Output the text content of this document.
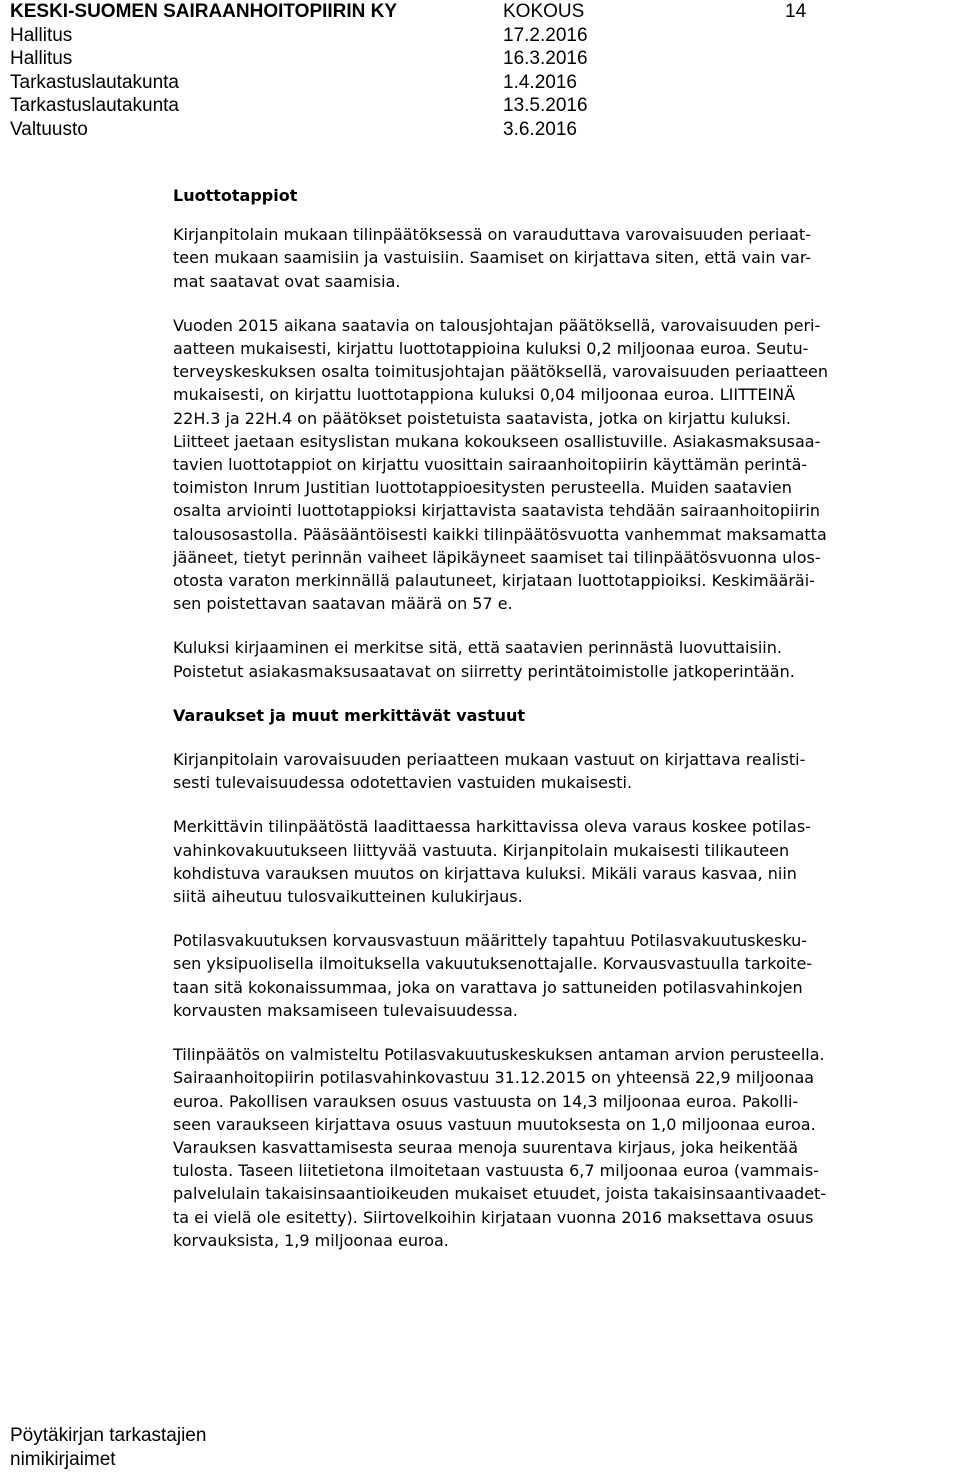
KESKI-SUOMEN SAIRAANHOITOPIIRIN KY	KOKOUS	14
Hallitus	17.2.2016
Hallitus	16.3.2016
Tarkastuslautakunta	1.4.2016
Tarkastuslautakunta	13.5.2016
Valtuusto	3.6.2016
Luottotappiot

Kirjanpitolain mukaan tilinpäätöksessä on varauduttava varovaisuuden periaat-
teen mukaan saamisiin ja vastuisiin. Saamiset on kirjattava siten, että vain var-
mat saatavat ovat saamisia.

Vuoden 2015 aikana saatavia on talousjohtajan päätöksellä, varovaisuuden peri-
aatteen mukaisesti, kirjattu luottotappioina kuluksi 0,2 miljoonaa euroa. Seutu-
terveyskeskuksen osalta toimitusjohtajan päätöksellä, varovaisuuden periaatteen
mukaisesti, on kirjattu luottotappiona kuluksi 0,04 miljoonaa euroa. LIITTEINÄ
22H.3 ja 22H.4 on päätökset poistetuista saatavista, jotka on kirjattu kuluksi.
Liitteet jaetaan esityslistan mukana kokoukseen osallistuville. Asiakasmaksusaa-
tavien luottotappiot on kirjattu vuosittain sairaanhoitopiirin käyttämän perintä-
toimiston Inrum Justitian luottotappioesitysten perusteella. Muiden saatavien
osalta arviointi luottotappioksi kirjattavista saatavista tehdään sairaanhoitopiirin
talousosastolla. Pääsääntöisesti kaikki tilinpäätösvuotta vanhemmat maksamatta
jääneet, tietyt perinnän vaiheet läpikäyneet saamiset tai tilinpäätösvuonna ulos-
otosta varaton merkinnällä palautuneet, kirjataan luottotappioiksi. Keskimääräi-
sen poistettavan saatavan määrä on 57 e.

Kuluksi kirjaaminen ei merkitse sitä, että saatavien perinnästä luovuttaisiin.
Poistetut asiakasmaksusaatavat on siirretty perintätoimistolle jatkoperintään.

Varaukset ja muut merkittävät vastuut

Kirjanpitolain varovaisuuden periaatteen mukaan vastuut on kirjattava realisti-
sesti tulevaisuudessa odotettavien vastuiden mukaisesti.

Merkittävin tilinpäätöstä laadittaessa harkittavissa oleva varaus koskee potilas-
vahinkovakuutukseen liittyvää vastuuta. Kirjanpitolain mukaisesti tilikauteen
kohdistuva varauksen muutos on kirjattava kuluksi. Mikäli varaus kasvaa, niin
siitä aiheutuu tulosvaikutteinen kulukirjaus.

Potilasvakuutuksen korvausvastuun määrittely tapahtuu Potilasvakuutuskesku-
sen yksipuolisella ilmoituksella vakuutuksenottajalle. Korvausvastuulla tarkoite-
taan sitä kokonaissummaa, joka on varattava jo sattuneiden potilasvahinkojen
korvausten maksamiseen tulevaisuudessa.

Tilinpäätös on valmisteltu Potilasvakuutuskeskuksen antaman arvion perusteella.
Sairaanhoitopiirin potilasvahinkovastuu 31.12.2015 on yhteensä 22,9 miljoonaa
euroa. Pakollisen varauksen osuus vastuusta on 14,3 miljoonaa euroa. Pakolli-
seen varaukseen kirjattava osuus vastuun muutoksesta on 1,0 miljoonaa euroa.
Varauksen kasvattamisesta seuraa menoja suurentava kirjaus, joka heikentää
tulosta. Taseen liitetietona ilmoitetaan vastuusta 6,7 miljoonaa euroa (vammais-
palvelulain takaisinsaantioikeuden mukaiset etuudet, joista takaisinsaantivaadet-
ta ei vielä ole esitetty). Siirtovelkoihin kirjataan vuonna 2016 maksettava osuus
korvauksista, 1,9 miljoonaa euroa.

Pöytäkirjan tarkastajien
nimikirjaimet
